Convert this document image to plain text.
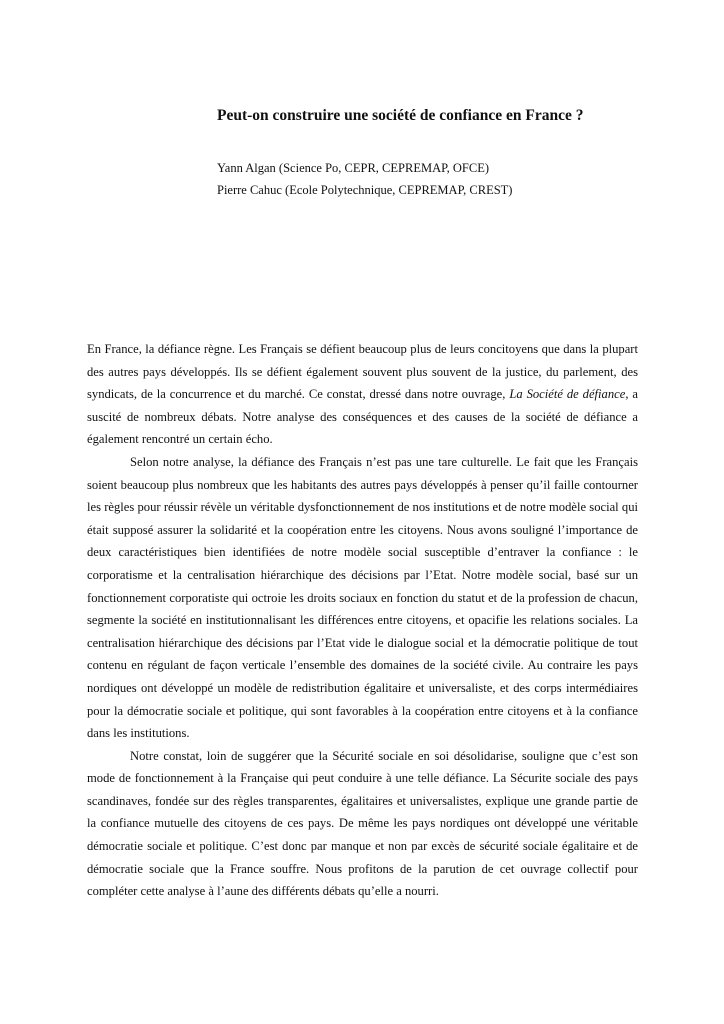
Peut-on construire une société de confiance en France ?
Yann Algan (Science Po, CEPR, CEPREMAP, OFCE)
Pierre Cahuc (Ecole Polytechnique, CEPREMAP, CREST)

En France, la défiance règne. Les Français se défient beaucoup plus de leurs concitoyens que dans la plupart des autres pays développés. Ils se défient également souvent plus souvent de la justice, du parlement, des syndicats, de la concurrence et du marché. Ce constat, dressé dans notre ouvrage, La Société de défiance, a suscité de nombreux débats. Notre analyse des conséquences et des causes de la société de défiance a également rencontré un certain écho.

Selon notre analyse, la défiance des Français n’est pas une tare culturelle. Le fait que les Français soient beaucoup plus nombreux que les habitants des autres pays développés à penser qu’il faille contourner les règles pour réussir révèle un véritable dysfonctionnement de nos institutions et de notre modèle social qui était supposé assurer la solidarité et la coopération entre les citoyens. Nous avons souligné l’importance de deux caractéristiques bien identifiées de notre modèle social susceptible d’entraver la confiance : le corporatisme et la centralisation hiérarchique des décisions par l’Etat. Notre modèle social, basé sur un fonctionnement corporatiste qui octroie les droits sociaux en fonction du statut et de la profession de chacun, segmente la société en institutionnalisant les différences entre citoyens, et opacifie les relations sociales. La centralisation hiérarchique des décisions par l’Etat vide le dialogue social et la démocratie politique de tout contenu en régulant de façon verticale l’ensemble des domaines de la société civile. Au contraire les pays nordiques ont développé un modèle de redistribution égalitaire et universaliste, et des corps intermédiaires pour la démocratie sociale et politique, qui sont favorables à la coopération entre citoyens et à la confiance dans les institutions.

Notre constat, loin de suggérer que la Sécurité sociale en soi désolidarise, souligne que c’est son mode de fonctionnement à la Française qui peut conduire à une telle défiance. La Sécurite sociale des pays scandinaves, fondée sur des règles transparentes, égalitaires et universalistes, explique une grande partie de la confiance mutuelle des citoyens de ces pays. De même les pays nordiques ont développé une véritable démocratie sociale et politique. C’est donc par manque et non par excès de sécurité sociale égalitaire et de démocratie sociale que la France souffre. Nous profitons de la parution de cet ouvrage collectif pour compléter cette analyse à l’aune des différents débats qu’elle a nourri.
